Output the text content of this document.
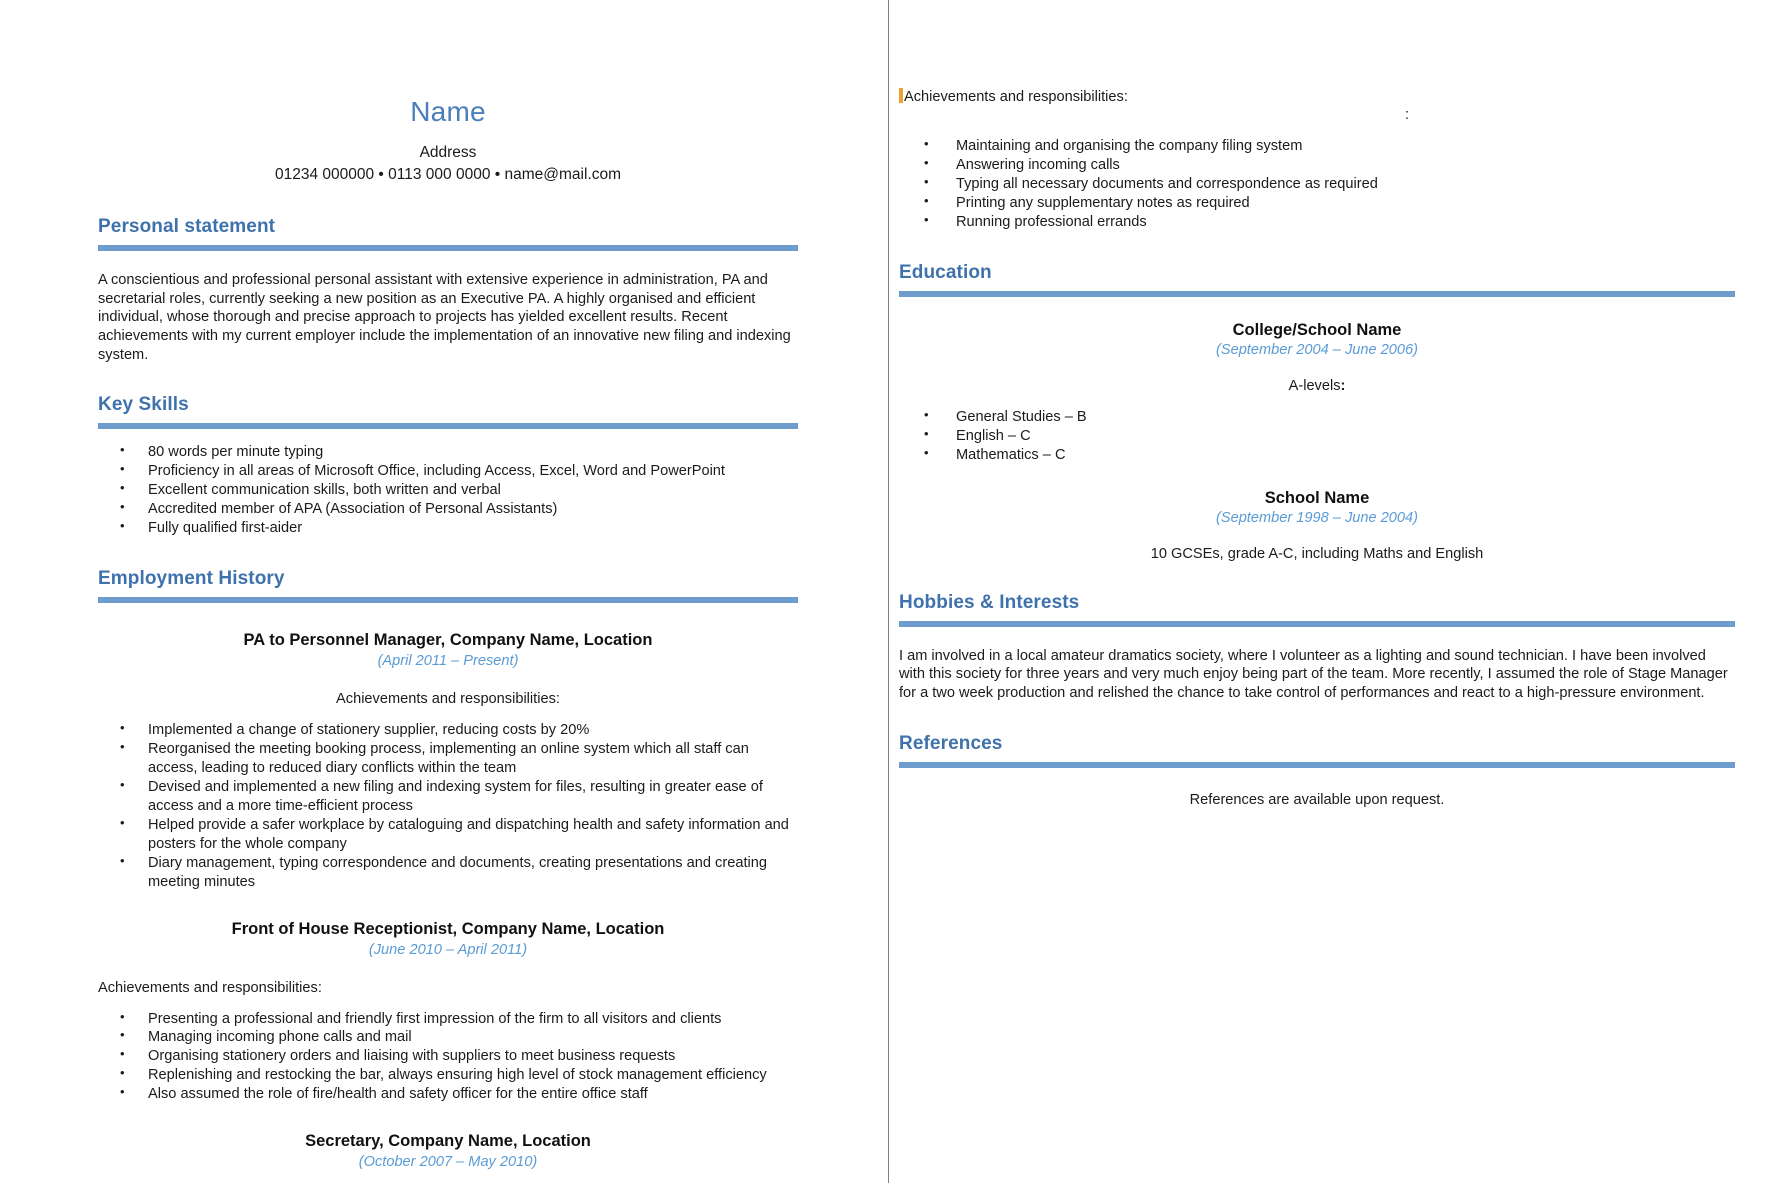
Name
Address
01234 000000 • 0113 000 0000 • name@mail.com
Personal statement

A conscientious and professional personal assistant with extensive experience in administration, PA and secretarial roles, currently seeking a new position as an Executive PA. A highly organised and efficient individual, whose thorough and precise approach to projects has yielded excellent results. Recent achievements with my current employer include the implementation of an innovative new filing and indexing system.

Key Skills
• 80 words per minute typing
• Proficiency in all areas of Microsoft Office, including Access, Excel, Word and PowerPoint
• Excellent communication skills, both written and verbal
• Accredited member of APA (Association of Personal Assistants)
• Fully qualified first-aider
Employment History
PA to Personnel Manager, Company Name, Location
(April 2011 – Present)
Achievements and responsibilities:
• Implemented a change of stationery supplier, reducing costs by 20%
• Reorganised the meeting booking process, implementing an online system which all staff can access, leading to reduced diary conflicts within the team
• Devised and implemented a new filing and indexing system for files, resulting in greater ease of access and a more time-efficient process
• Helped provide a safer workplace by cataloguing and dispatching health and safety information and posters for the whole company
• Diary management, typing correspondence and documents, creating presentations and creating meeting minutes
Front of House Receptionist, Company Name, Location
(June 2010 – April 2011)
Achievements and responsibilities:
• Presenting a professional and friendly first impression of the firm to all visitors and clients
• Managing incoming phone calls and mail
• Organising stationery orders and liaising with suppliers to meet business requests
• Replenishing and restocking the bar, always ensuring high level of stock management efficiency
• Also assumed the role of fire/health and safety officer for the entire office staff
Secretary, Company Name, Location
(October 2007 – May 2010)
Achievements and responsibilities:
:
• Maintaining and organising the company filing system
• Answering incoming calls
• Typing all necessary documents and correspondence as required
• Printing any supplementary notes as required
• Running professional errands
Education
College/School Name
(September 2004 – June 2006)
A-levels:
• General Studies – B
• English – C
• Mathematics – C
School Name
(September 1998 – June 2004)
10 GCSEs, grade A-C, including Maths and English
Hobbies & Interests

I am involved in a local amateur dramatics society, where I volunteer as a lighting and sound technician. I have been involved with this society for three years and very much enjoy being part of the team. More recently, I assumed the role of Stage Manager for a two week production and relished the chance to take control of performances and react to a high-pressure environment.

References
References are available upon request.
